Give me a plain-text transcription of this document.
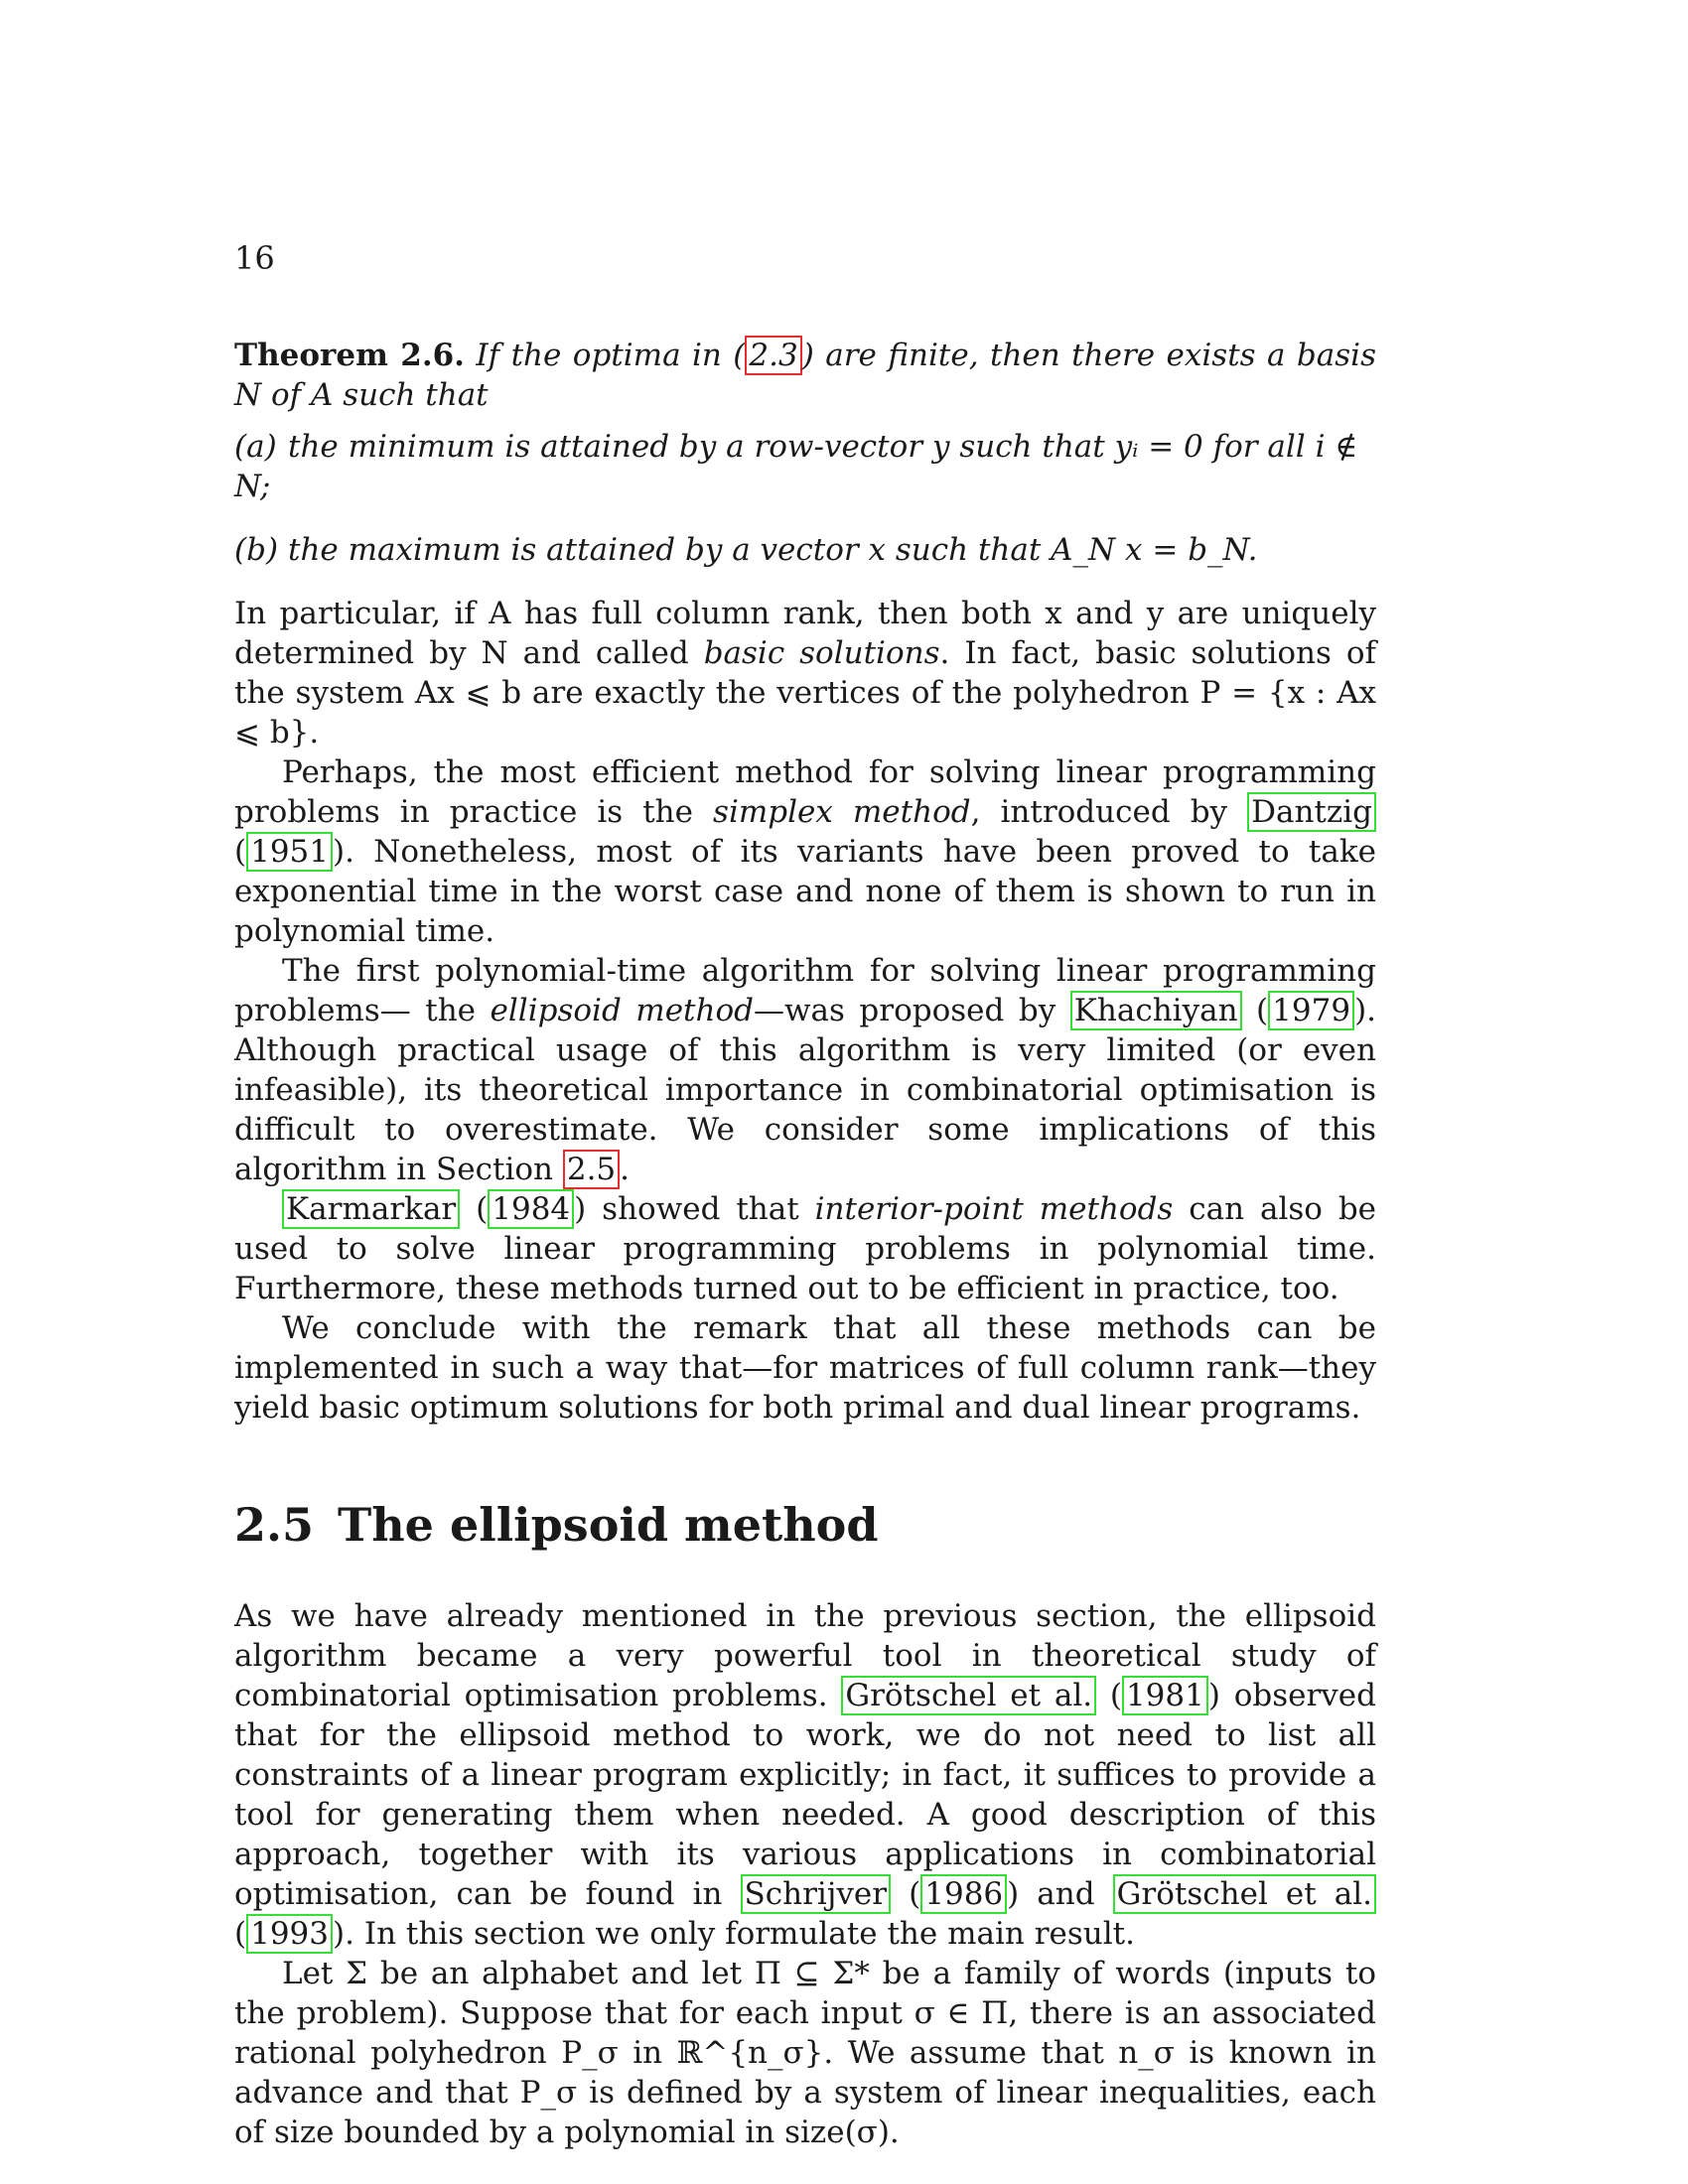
16

Theorem 2.6. If the optima in ( 2.3 ) are finite, then there exists a basis N of A such that

(a) the minimum is attained by a row-vector y such that yᵢ = 0 for all i ∉ N;
(b) the maximum is attained by a vector x such that A_N x = b_N.

In particular, if A has full column rank, then both x and y are uniquely determined by N and called basic solutions. In fact, basic solutions of the system Ax ⩽ b are exactly the vertices of the polyhedron P = {x : Ax ⩽ b}.

Perhaps, the most efficient method for solving linear programming problems in practice is the simplex method, introduced by Dantzig ( 1951 ). Nonetheless, most of its variants have been proved to take exponential time in the worst case and none of them is shown to run in polynomial time.

The first polynomial-time algorithm for solving linear programming problems— the ellipsoid method—was proposed by Khachiyan ( 1979 ). Although practical usage of this algorithm is very limited (or even infeasible), its theoretical importance in combinatorial optimisation is difficult to overestimate. We consider some implications of this algorithm in Section 2.5 .

Karmarkar ( 1984 ) showed that interior-point methods can also be used to solve linear programming problems in polynomial time. Furthermore, these methods turned out to be efficient in practice, too.

We conclude with the remark that all these methods can be implemented in such a way that—for matrices of full column rank—they yield basic optimum solutions for both primal and dual linear programs.

2.5 The ellipsoid method

As we have already mentioned in the previous section, the ellipsoid algorithm became a very powerful tool in theoretical study of combinatorial optimisation problems. Grötschel et al. ( 1981 ) observed that for the ellipsoid method to work, we do not need to list all constraints of a linear program explicitly; in fact, it suffices to provide a tool for generating them when needed. A good description of this approach, together with its various applications in combinatorial optimisation, can be found in Schrijver ( 1986 ) and Grötschel et al. ( 1993 ). In this section we only formulate the main result.

Let Σ be an alphabet and let Π ⊆ Σ* be a family of words (inputs to the problem). Suppose that for each input σ ∈ Π, there is an associated rational polyhedron P_σ in ℝ^{n_σ}. We assume that n_σ is known in advance and that P_σ is defined by a system of linear inequalities, each of size bounded by a polynomial in size(σ).
